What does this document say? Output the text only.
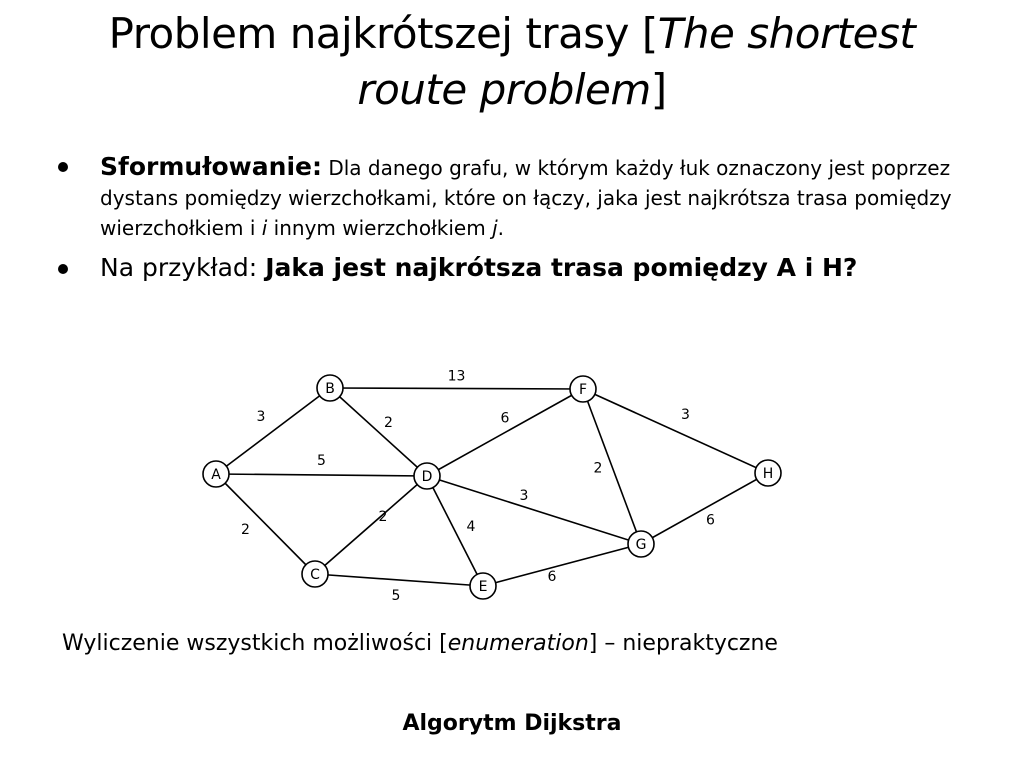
Problem najkrótszej trasy [The shortest
route problem]
Sformułowanie: Dla danego grafu, w którym każdy łuk oznaczony jest poprzez dystans pomiędzy wierzchołkami, które on łączy, jaka jest najkrótsza trasa pomiędzy wierzchołkiem i i innym wierzchołkiem j.
Na przykład: Jaka jest najkrótsza trasa pomiędzy A i H?
3
5
2
13
2
2
5
6
4
3
2
3
6
6
A
B
C
D
E
F
G
H
Wyliczenie wszystkich możliwości [enumeration] – niepraktyczne
Algorytm Dijkstra
